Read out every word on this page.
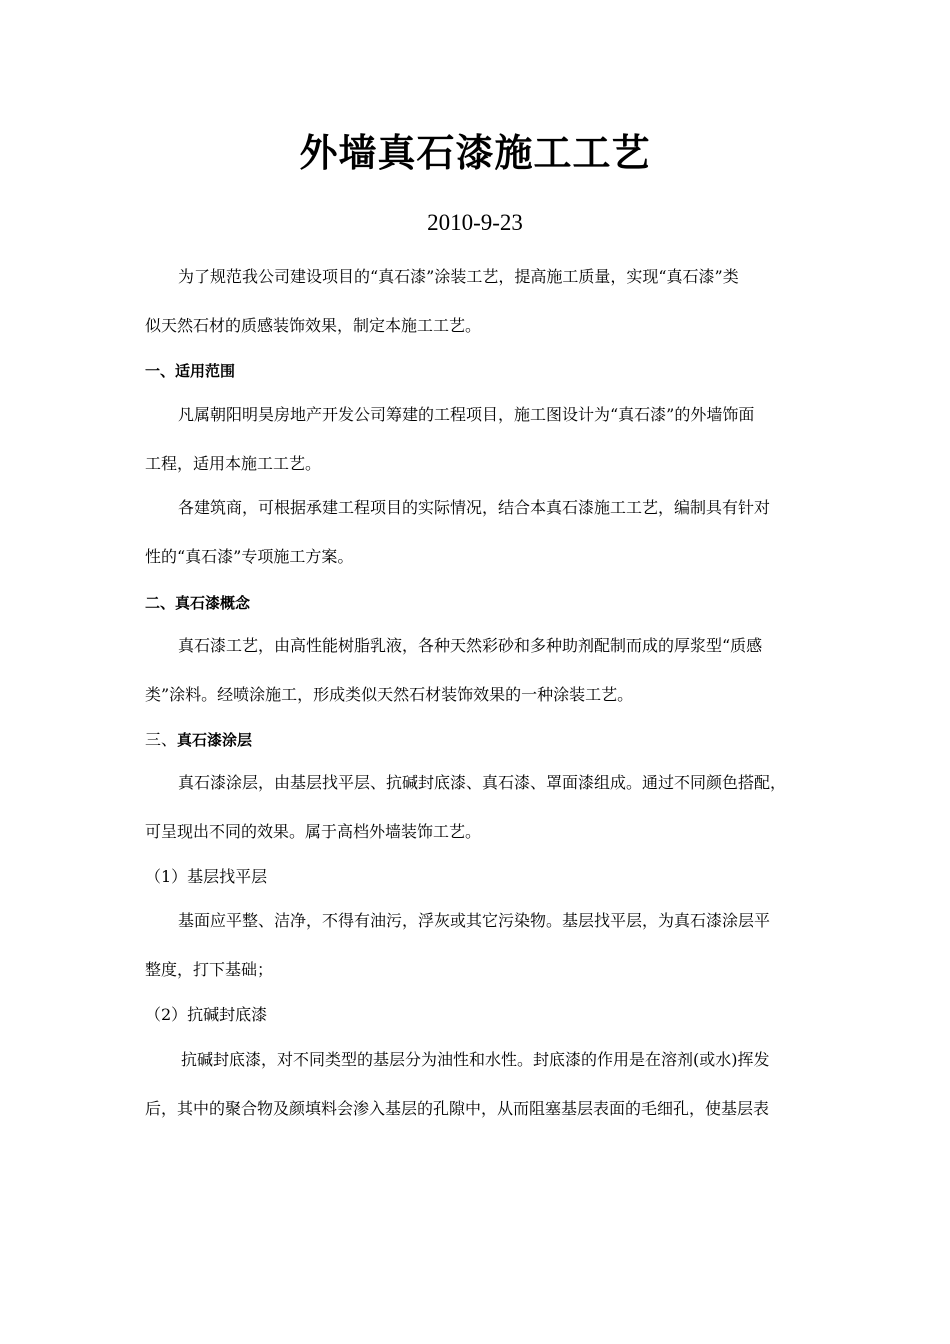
外墙真石漆施工工艺
2010-9-23
为了规范我公司建设项目的“真石漆”涂装工艺，提高施工质量，实现“真石漆”类
似天然石材的质感装饰效果，制定本施工工艺。
一、适用范围
凡属朝阳明昊房地产开发公司筹建的工程项目，施工图设计为“真石漆”的外墙饰面
工程，适用本施工工艺。
各建筑商，可根据承建工程项目的实际情况，结合本真石漆施工工艺，编制具有针对
性的“真石漆”专项施工方案。
二、真石漆概念
真石漆工艺，由高性能树脂乳液，各种天然彩砂和多种助剂配制而成的厚浆型“质感
类”涂料。经喷涂施工，形成类似天然石材装饰效果的一种涂装工艺。
三、真石漆涂层
真石漆涂层，由基层找平层、抗碱封底漆、真石漆、罩面漆组成。通过不同颜色搭配，
可呈现出不同的效果。属于高档外墙装饰工艺。
（1）基层找平层
基面应平整、洁净，不得有油污，浮灰或其它污染物。基层找平层，为真石漆涂层平
整度，打下基础；
（2）抗碱封底漆
抗碱封底漆，对不同类型的基层分为油性和水性。封底漆的作用是在溶剂(或水)挥发
后，其中的聚合物及颜填料会渗入基层的孔隙中，从而阻塞基层表面的毛细孔，使基层表
